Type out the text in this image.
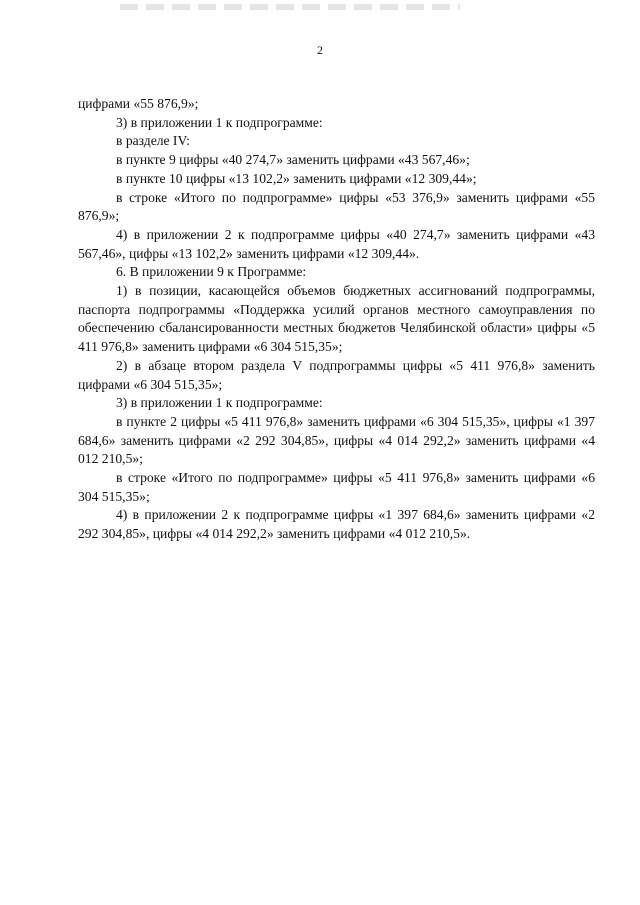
2

цифрами «55 876,9»;

3) в приложении 1 к подпрограмме:

в разделе IV:

в пункте 9 цифры «40 274,7» заменить цифрами «43 567,46»;

в пункте 10 цифры «13 102,2» заменить цифрами «12 309,44»;

в строке «Итого по подпрограмме» цифры «53 376,9» заменить цифрами «55 876,9»;

4) в приложении 2 к подпрограмме цифры «40 274,7» заменить цифрами «43 567,46», цифры «13 102,2» заменить цифрами «12 309,44».

6. В приложении 9 к Программе:

1) в позиции, касающейся объемов бюджетных ассигнований подпрограммы, паспорта подпрограммы «Поддержка усилий органов местного самоуправления по обеспечению сбалансированности местных бюджетов Челябинской области» цифры «5 411 976,8» заменить цифрами «6 304 515,35»;

2) в абзаце втором раздела V подпрограммы цифры «5 411 976,8» заменить цифрами «6 304 515,35»;

3) в приложении 1 к подпрограмме:

в пункте 2 цифры «5 411 976,8» заменить цифрами «6 304 515,35», цифры «1 397 684,6» заменить цифрами «2 292 304,85», цифры «4 014 292,2» заменить цифрами «4 012 210,5»;

в строке «Итого по подпрограмме» цифры «5 411 976,8» заменить цифрами «6 304 515,35»;

4) в приложении 2 к подпрограмме цифры «1 397 684,6» заменить цифрами «2 292 304,85», цифры «4 014 292,2» заменить цифрами «4 012 210,5».
